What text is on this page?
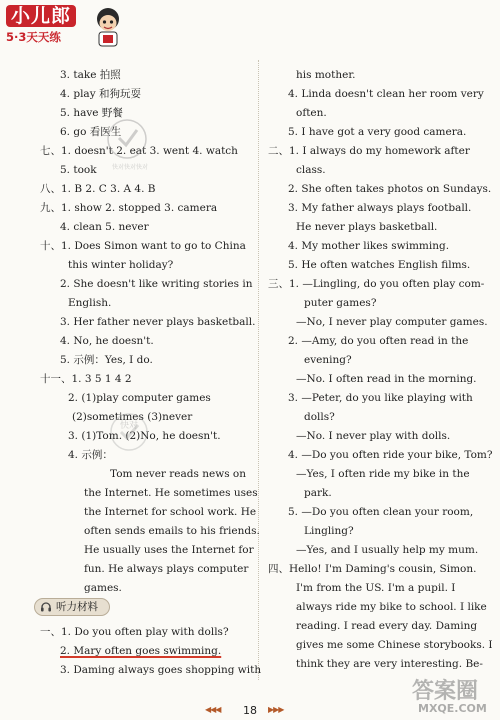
小儿郎
5·3天天练
3. take 拍照
4. play 和狗玩耍
5. have 野餐
6. go 看医生
七、1. doesn't 2. eat 3. went 4. watch
5. took
八、1. B 2. C 3. A 4. B
九、1. show 2. stopped 3. camera
4. clean 5. never
十、1. Does Simon want to go to China
this winter holiday?
2. She doesn't like writing stories in
English.
3. Her father never plays basketball.
4. No, he doesn't.
5. 示例：Yes, I do.
十一、1. 3 5 1 4 2
2. (1)play computer games
(2)sometimes (3)never
3. (1)Tom. (2)No, he doesn't.
4. 示例：
Tom never reads news on
the Internet. He sometimes uses
the Internet for school work. He
often sends emails to his friends.
He usually uses the Internet for
fun. He always plays computer
games.
一、1. Do you often play with dolls?
2. Mary often goes swimming.
3. Daming always goes shopping with
his mother.
4. Linda doesn't clean her room very
often.
5. I have got a very good camera.
二、1. I always do my homework after
class.
2. She often takes photos on Sundays.
3. My father always plays football.
He never plays basketball.
4. My mother likes swimming.
5. He often watches English films.
三、1. —Lingling, do you often play com-
puter games?
—No, I never play computer games.
2. —Amy, do you often read in the
evening?
—No. I often read in the morning.
3. —Peter, do you like playing with
dolls?
—No. I never play with dolls.
4. —Do you often ride your bike, Tom?
—Yes, I often ride my bike in the
park.
5. —Do you often clean your room,
Lingling?
—Yes, and I usually help my mum.
四、Hello! I'm Daming's cousin, Simon.
I'm from the US. I'm a pupil. I
always ride my bike to school. I like
reading. I read every day. Daming
gives me some Chinese storybooks. I
think they are very interesting. Be-
听力材料
快对快对快对
快对
◀◀◀ 18	▶▶▶
答案圈
MXQE.COM
